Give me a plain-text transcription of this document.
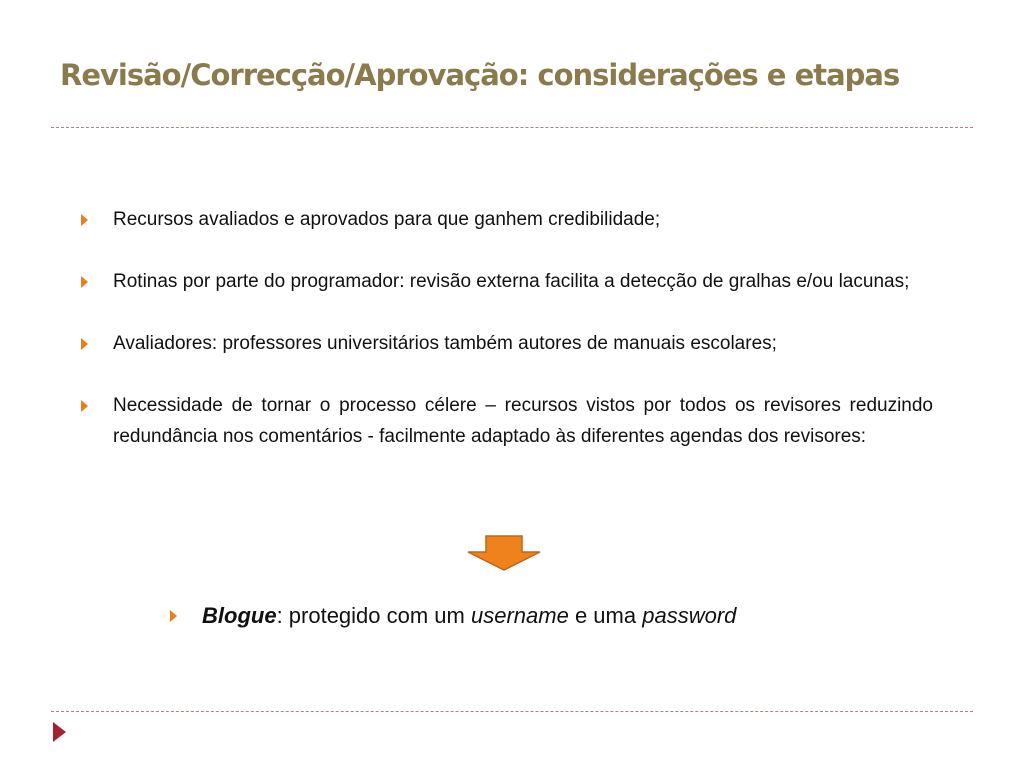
Revisão/Correcção/Aprovação: considerações e etapas
Recursos avaliados e aprovados para que ganhem credibilidade;
Rotinas por parte do programador: revisão externa facilita a detecção de gralhas e/ou lacunas;
Avaliadores: professores universitários também autores de manuais escolares;
Necessidade de tornar o processo célere – recursos vistos por todos os revisores reduzindo redundância nos comentários - facilmente adaptado às diferentes agendas dos revisores:
Blogue: protegido com um username e uma password
